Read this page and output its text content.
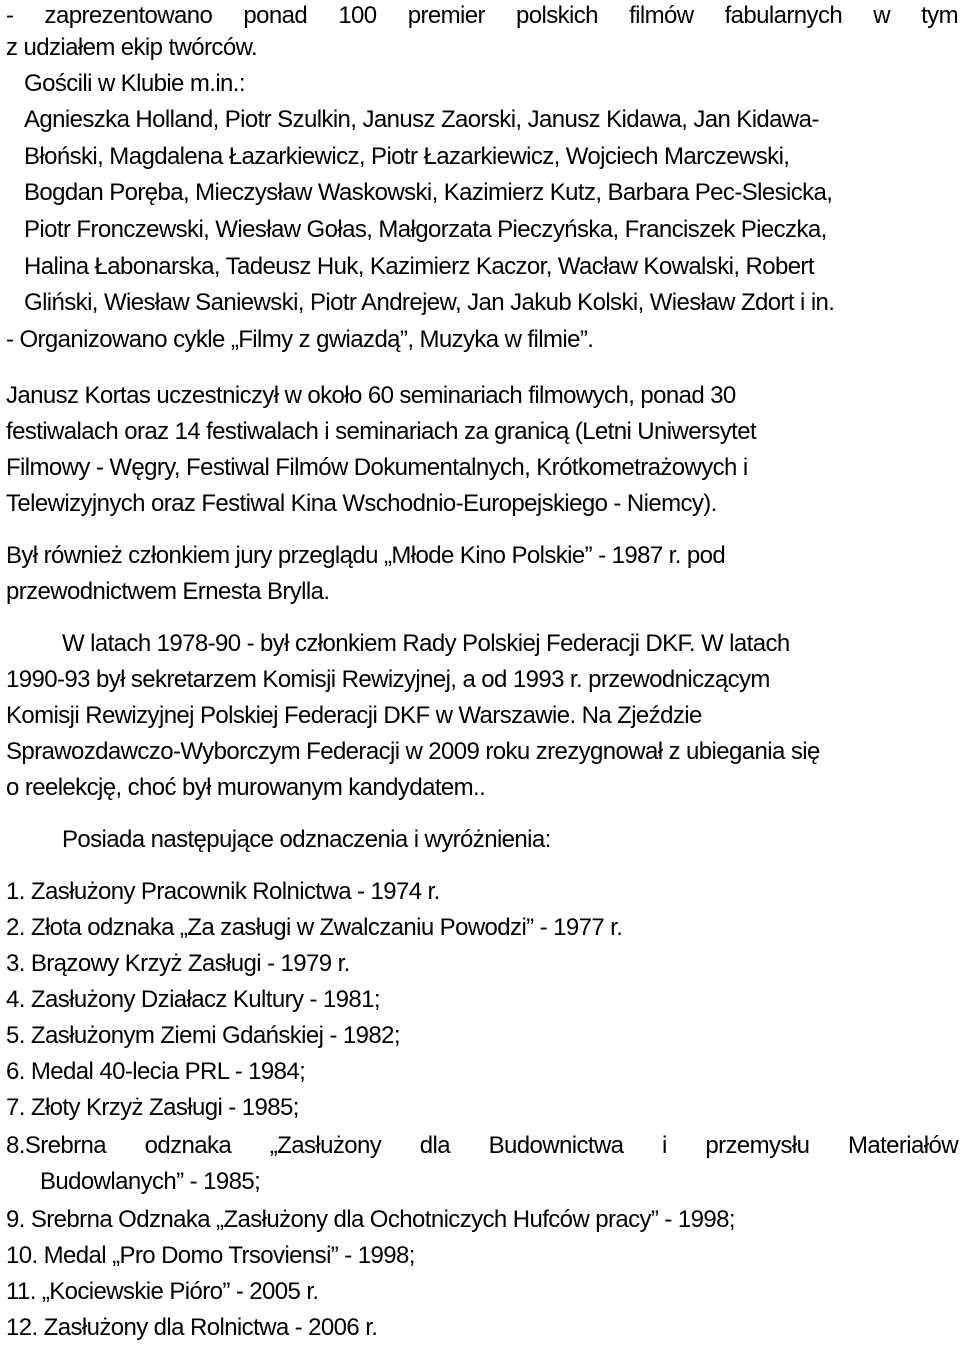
- zaprezentowano ponad 100 premier polskich filmów fabularnych w tym
z udziałem ekip twórców.
Gościli w Klubie m.in.:
Agnieszka Holland, Piotr Szulkin, Janusz Zaorski, Janusz Kidawa, Jan Kidawa-
Błoński, Magdalena Łazarkiewicz, Piotr Łazarkiewicz, Wojciech Marczewski,
Bogdan Poręba, Mieczysław Waskowski, Kazimierz Kutz, Barbara Pec-Slesicka,
Piotr Fronczewski, Wiesław Gołas, Małgorzata Pieczyńska, Franciszek Pieczka,
Halina Łabonarska, Tadeusz Huk, Kazimierz Kaczor, Wacław Kowalski, Robert
Gliński, Wiesław Saniewski, Piotr Andrejew, Jan Jakub Kolski, Wiesław Zdort i in.
- Organizowano cykle „Filmy z gwiazdą”, Muzyka w filmie”.
Janusz Kortas uczestniczył w około 60 seminariach filmowych, ponad 30
festiwalach oraz 14 festiwalach i seminariach za granicą (Letni Uniwersytet
Filmowy - Węgry, Festiwal Filmów Dokumentalnych, Krótkometrażowych i
Telewizyjnych oraz Festiwal Kina Wschodnio-Europejskiego - Niemcy).
Był również członkiem jury przeglądu „Młode Kino Polskie” - 1987 r. pod
przewodnictwem Ernesta Brylla.
W latach 1978-90 - był członkiem Rady Polskiej Federacji DKF. W latach
1990-93 był sekretarzem Komisji Rewizyjnej, a od 1993 r. przewodniczącym
Komisji Rewizyjnej Polskiej Federacji DKF w Warszawie. Na Zjeździe
Sprawozdawczo-Wyborczym Federacji w 2009 roku zrezygnował z ubiegania się
o reelekcję, choć był murowanym kandydatem..
Posiada następujące odznaczenia i wyróżnienia:
1. Zasłużony Pracownik Rolnictwa - 1974 r.
2. Złota odznaka „Za zasługi w Zwalczaniu Powodzi” - 1977 r.
3. Brązowy Krzyż Zasługi - 1979 r.
4. Zasłużony Działacz Kultury - 1981;
5. Zasłużonym Ziemi Gdańskiej - 1982;
6. Medal 40-lecia PRL - 1984;
7. Złoty Krzyż Zasługi - 1985;
8.Srebrna odznaka „Zasłużony dla Budownictwa i przemysłu Materiałów
Budowlanych” - 1985;
9. Srebrna Odznaka „Zasłużony dla Ochotniczych Hufców pracy” - 1998;
10. Medal „Pro Domo Trsoviensi” - 1998;
11. „Kociewskie Pióro” - 2005 r.
12. Zasłużony dla Rolnictwa - 2006 r.
